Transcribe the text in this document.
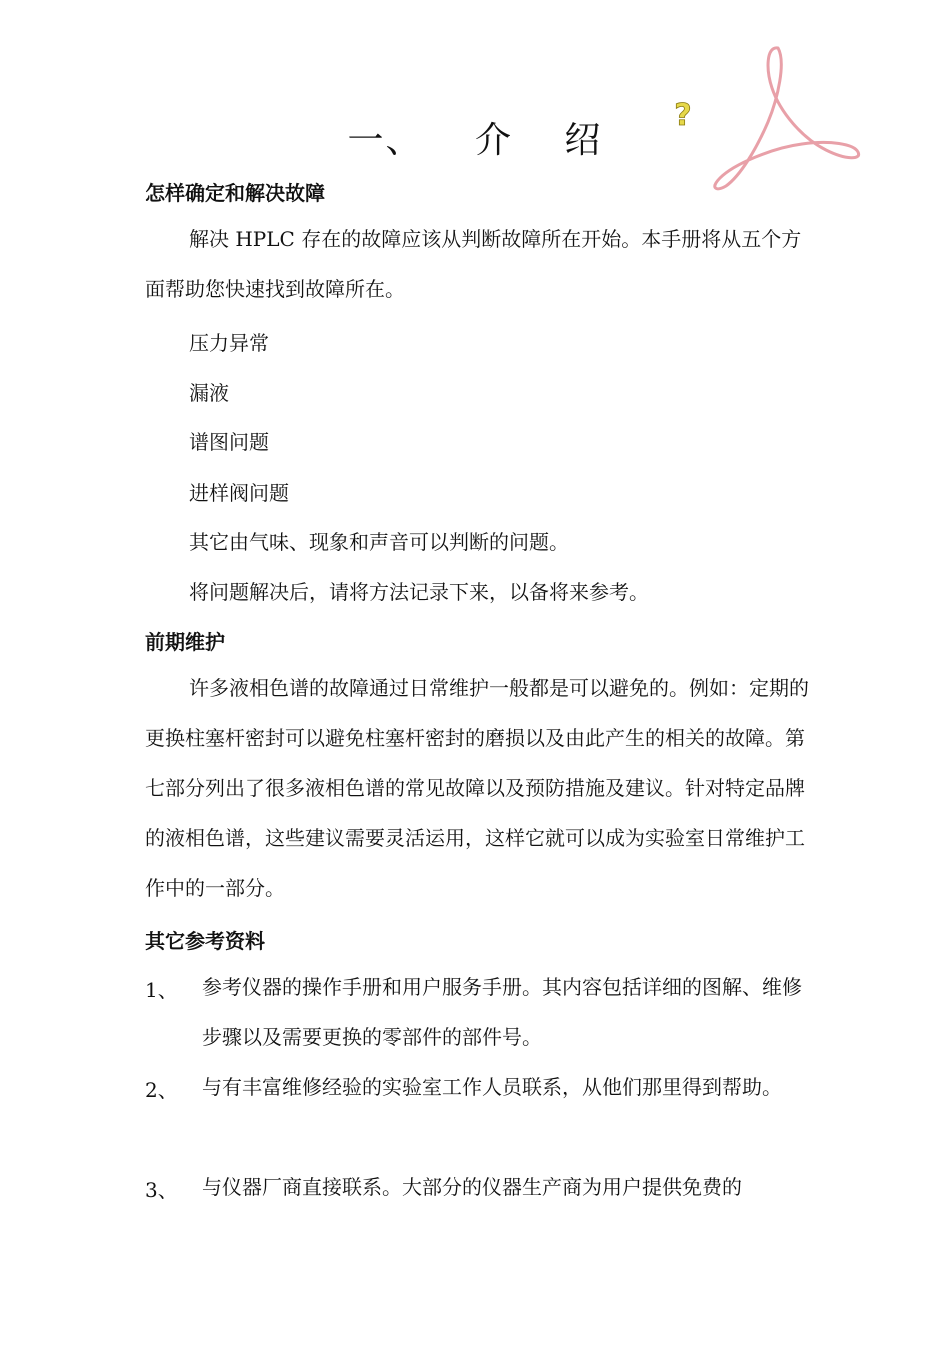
一、 介 绍
?
怎样确定和解决故障
解决 HPLC 存在的故障应该从判断故障所在开始。本手册将从五个方面帮助您快速找到故障所在。
压力异常
漏液
谱图问题
进样阀问题
其它由气味、现象和声音可以判断的问题。
将问题解决后，请将方法记录下来，以备将来参考。
前期维护
许多液相色谱的故障通过日常维护一般都是可以避免的。例如：定期的更换柱塞杆密封可以避免柱塞杆密封的磨损以及由此产生的相关的故障。第七部分列出了很多液相色谱的常见故障以及预防措施及建议。针对特定品牌的液相色谱，这些建议需要灵活运用，这样它就可以成为实验室日常维护工作中的一部分。
其它参考资料
1、 参考仪器的操作手册和用户服务手册。其内容包括详细的图解、维修步骤以及需要更换的零部件的部件号。
2、 与有丰富维修经验的实验室工作人员联系，从他们那里得到帮助。
3、 与仪器厂商直接联系。大部分的仪器生产商为用户提供免费的
